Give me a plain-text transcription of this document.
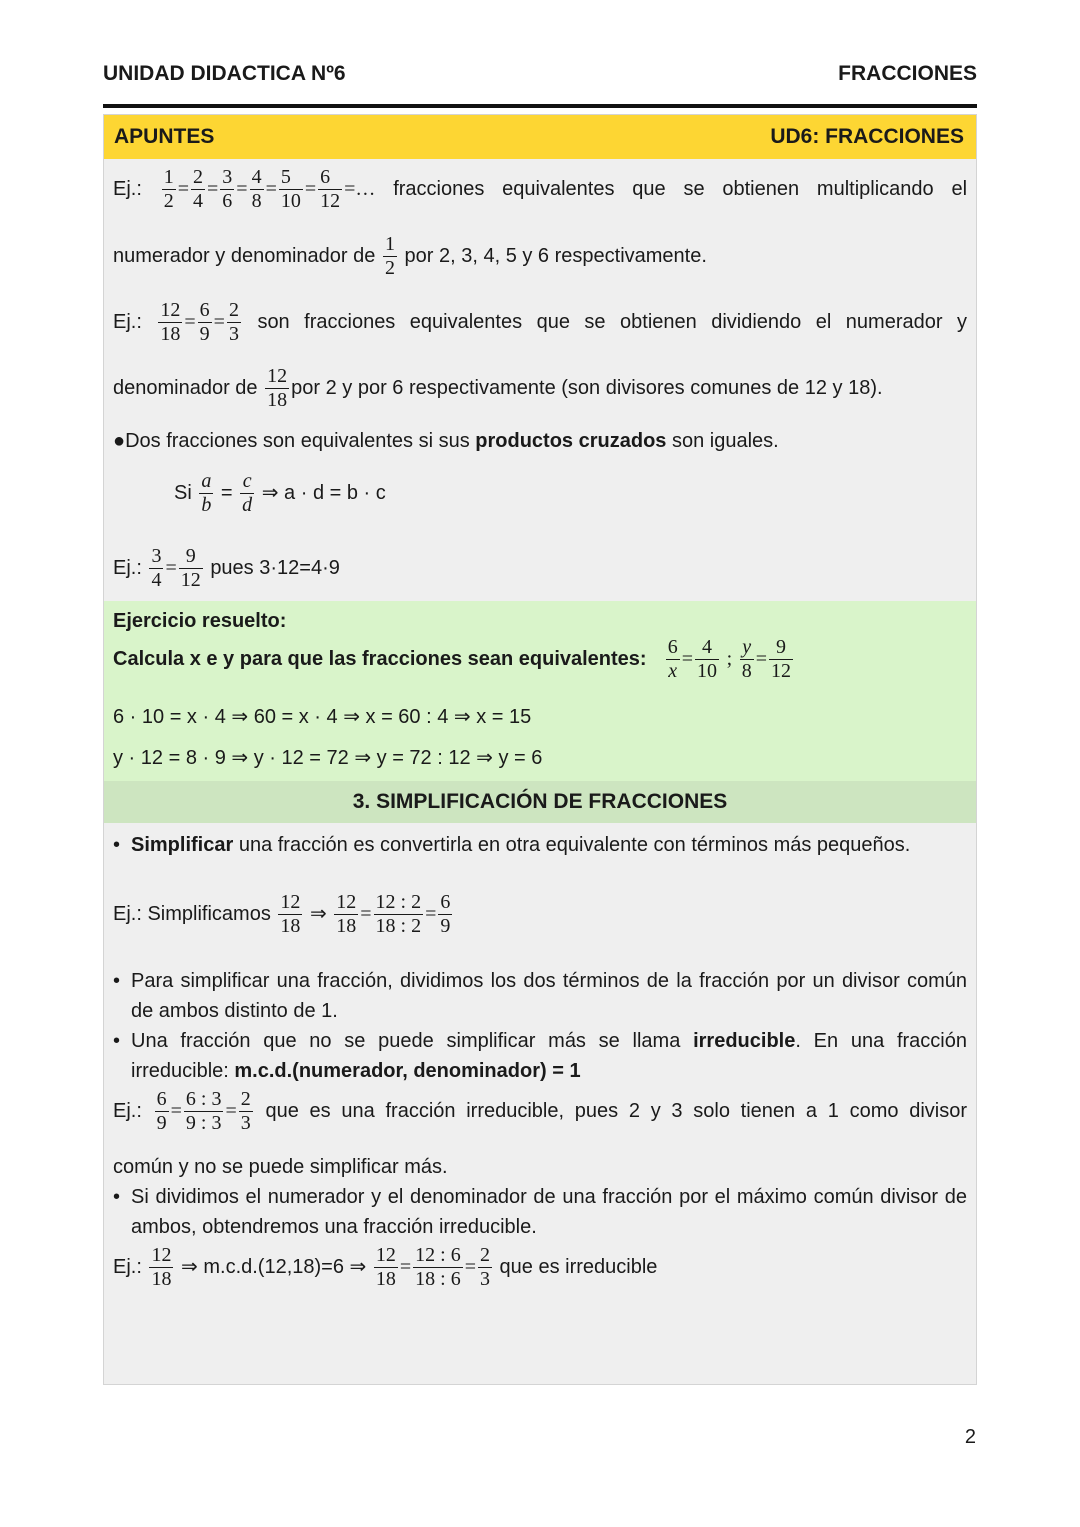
UNIDAD DIDACTICA Nº6	FRACCIONES
APUNTES	UD6: FRACCIONES
Ej.: $\frac{1}{2} = \frac{2}{4} = \frac{3}{6} = \frac{4}{8} = \frac{5}{10} = \frac{6}{12}$ =… fracciones equivalentes que se obtienen multiplicando el
numerador y denominador de $\frac{1}{2}$ por 2, 3, 4, 5 y 6 respectivamente.
Ej.: $\frac{12}{18} = \frac{6}{9} = \frac{2}{3}$ son fracciones equivalentes que se obtienen dividiendo el numerador y
denominador de $\frac{12}{18}$ por 2 y por 6 respectivamente (son divisores comunes de 12 y 18).
●Dos fracciones son equivalentes si sus productos cruzados son iguales.
Si $\frac{a}{b} = \frac{c}{d}$ ⇒ a · d = b · c
Ej.: $\frac{3}{4} = \frac{9}{12}$ pues 3·12=4·9
Ejercicio resuelto:
Calcula x e y para que las fracciones sean equivalentes: $\frac{6}{x} = \frac{4}{10}$ ; $\frac{y}{8} = \frac{9}{12}$
6 · 10 = x · 4 ⇒ 60 = x · 4 ⇒ x = 60 : 4 ⇒ x = 15
y · 12 = 8 · 9 ⇒ y · 12 = 72 ⇒ y = 72 : 12 ⇒ y = 6
3. SIMPLIFICACIÓN DE FRACCIONES
• Simplificar una fracción es convertirla en otra equivalente con términos más pequeños.
Ej.: Simplificamos $\frac{12}{18}$ ⇒ $\frac{12}{18} = \frac{12 : 2}{18 : 2} = \frac{6}{9}$
• Para simplificar una fracción, dividimos los dos términos de la fracción por un divisor común de ambos distinto de 1.
• Una fracción que no se puede simplificar más se llama irreducible. En una fracción irreducible: m.c.d.(numerador, denominador) = 1
Ej.: $\frac{6}{9} = \frac{6 : 3}{9 : 3} = \frac{2}{3}$ que es una fracción irreducible, pues 2 y 3 solo tienen a 1 como divisor
común y no se puede simplificar más.
• Si dividimos el numerador y el denominador de una fracción por el máximo común divisor de ambos, obtendremos una fracción irreducible.
Ej.: $\frac{12}{18}$ ⇒ m.c.d.(12,18)=6 ⇒ $\frac{12}{18} = \frac{12 : 6}{18 : 6} = \frac{2}{3}$ que es irreducible
2
